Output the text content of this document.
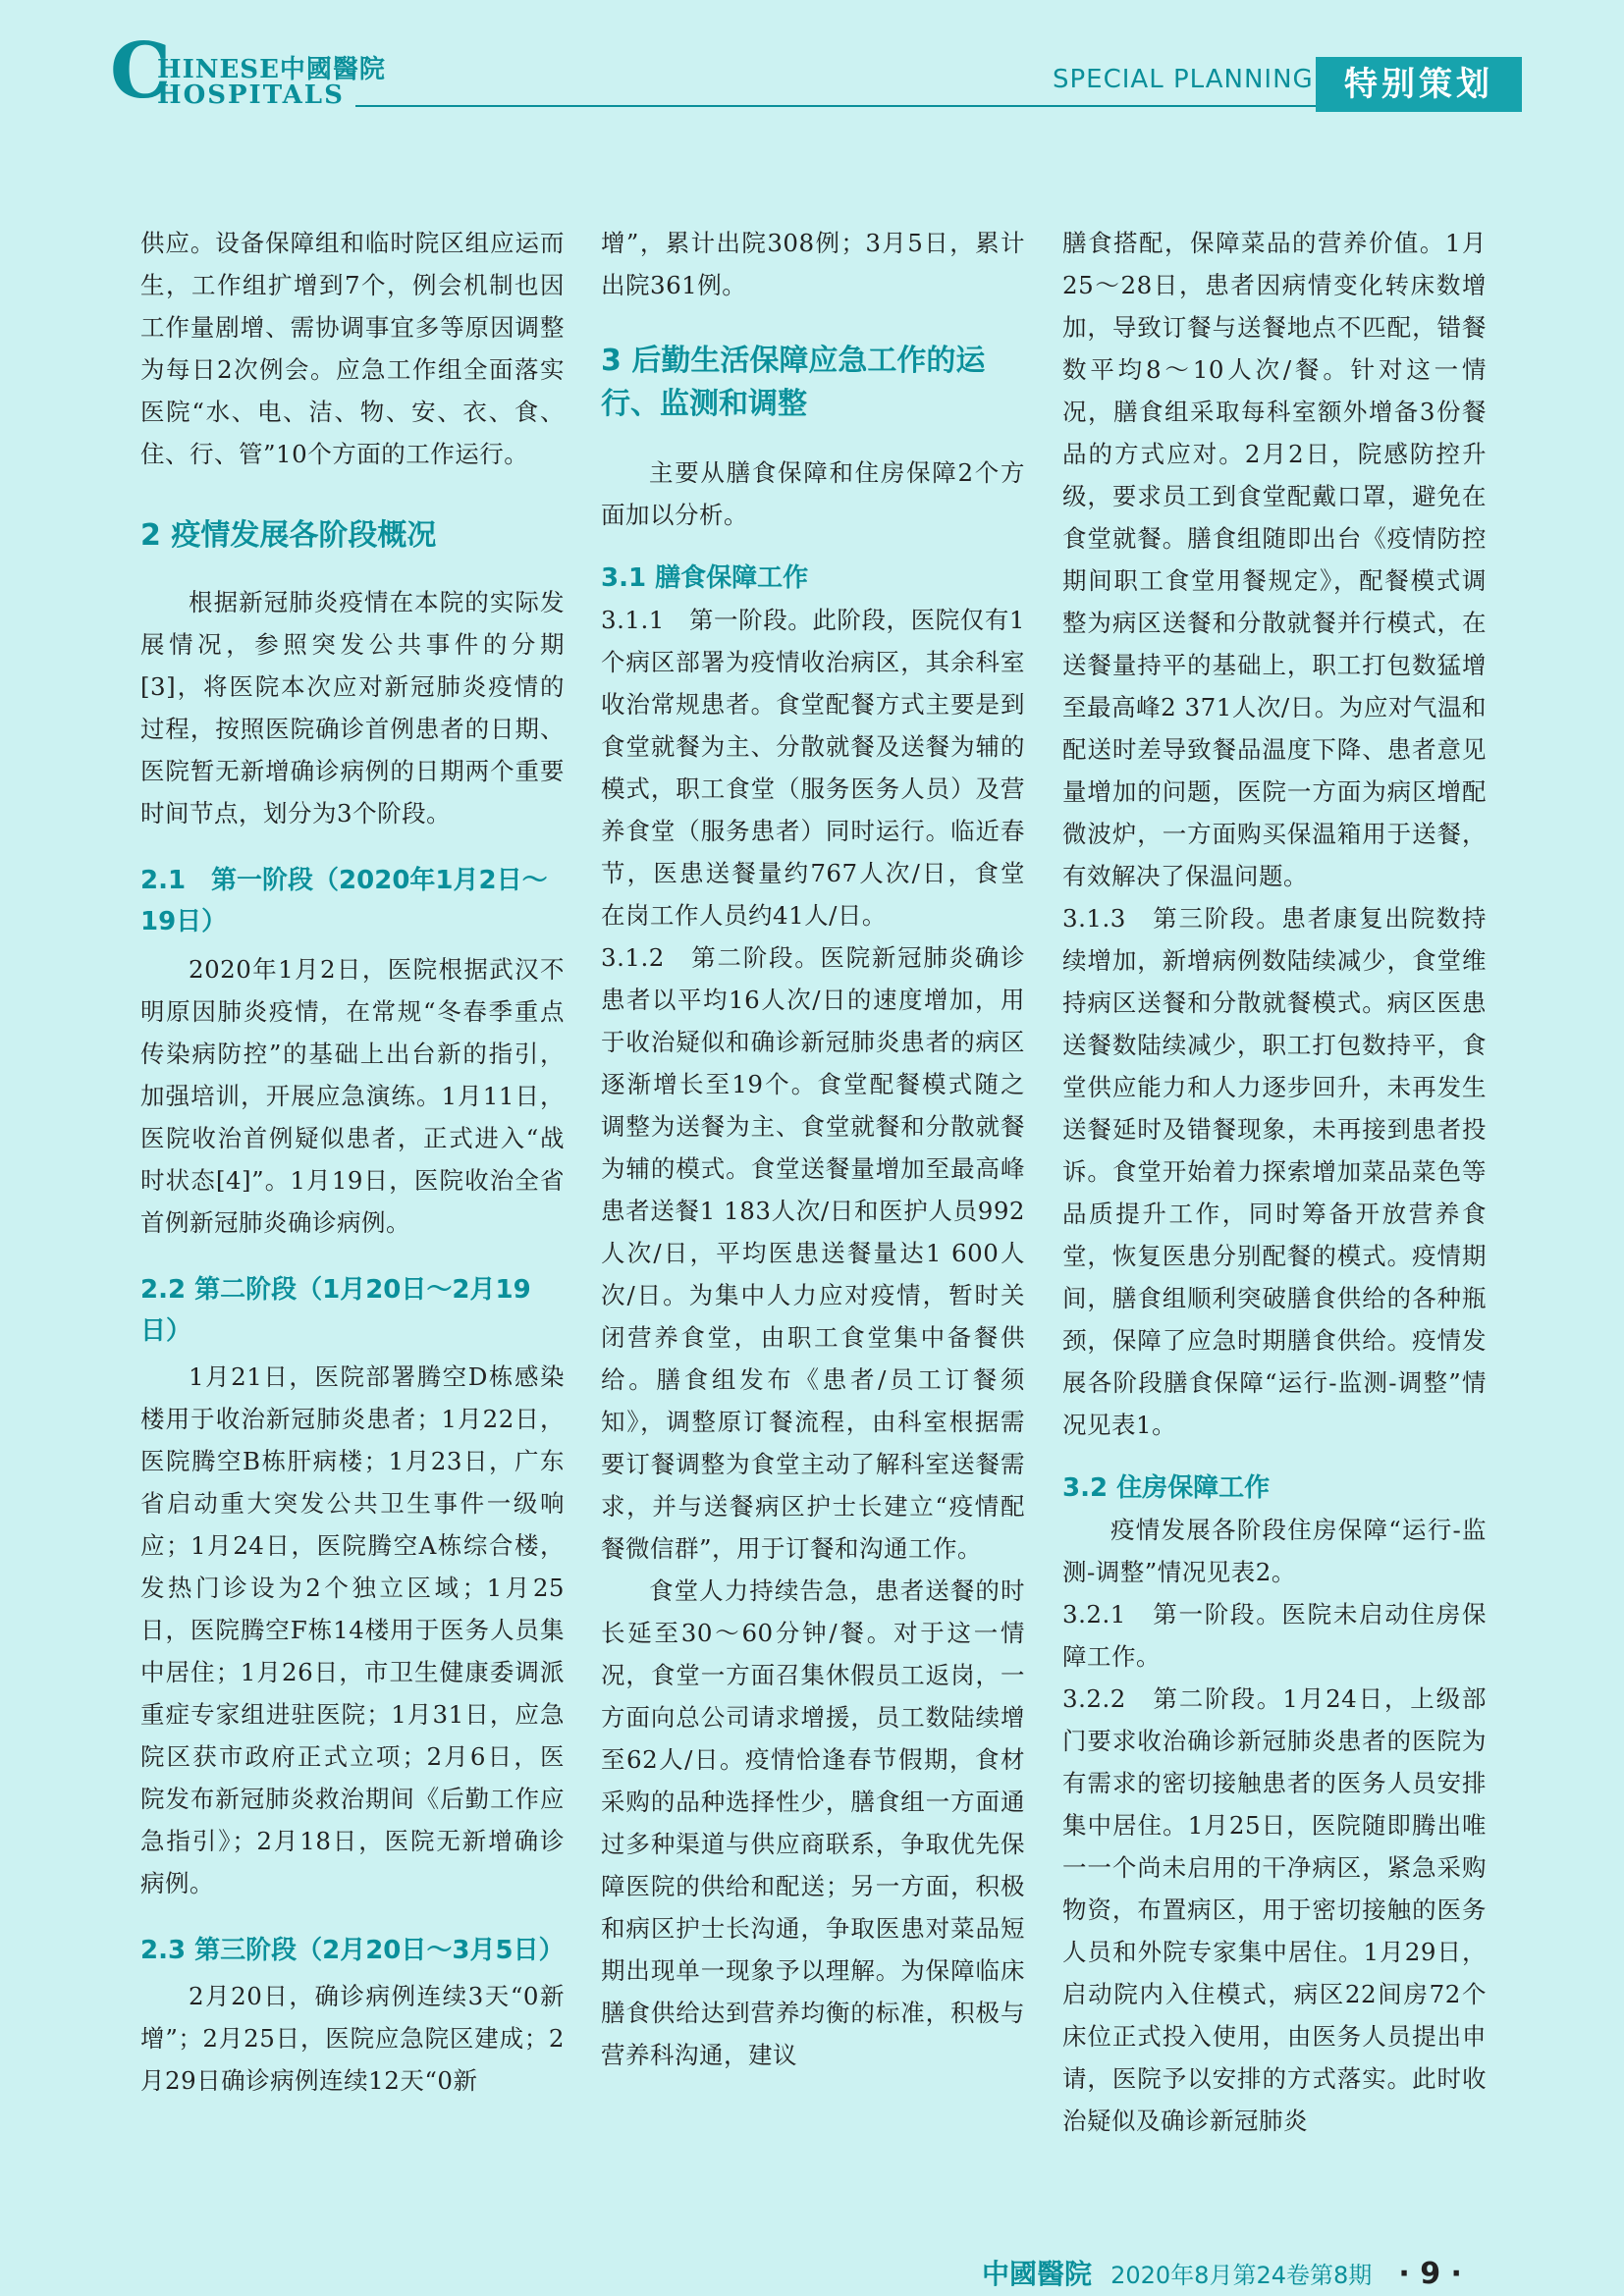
C
HINESE中國醫院
HOSPITALS
SPECIAL PLANNING 特别策划

供应。设备保障组和临时院区组应运而生，工作组扩增到7个，例会机制也因工作量剧增、需协调事宜多等原因调整为每日2次例会。应急工作组全面落实医院“水、电、洁、物、安、衣、食、住、行、管”10个方面的工作运行。

2 疫情发展各阶段概况

根据新冠肺炎疫情在本院的实际发展情况，参照突发公共事件的分期[3]，将医院本次应对新冠肺炎疫情的过程，按照医院确诊首例患者的日期、医院暂无新增确诊病例的日期两个重要时间节点，划分为3个阶段。

2.1　第一阶段（2020年1月2日～19日）

2020年1月2日，医院根据武汉不明原因肺炎疫情，在常规“冬春季重点传染病防控”的基础上出台新的指引，加强培训，开展应急演练。1月11日，医院收治首例疑似患者，正式进入“战时状态[4]”。1月19日，医院收治全省首例新冠肺炎确诊病例。

2.2 第二阶段（1月20日～2月19日）

1月21日，医院部署腾空D栋感染楼用于收治新冠肺炎患者；1月22日，医院腾空B栋肝病楼；1月23日，广东省启动重大突发公共卫生事件一级响应；1月24日，医院腾空A栋综合楼，发热门诊设为2个独立区域；1月25日，医院腾空F栋14楼用于医务人员集中居住；1月26日，市卫生健康委调派重症专家组进驻医院；1月31日，应急院区获市政府正式立项；2月6日，医院发布新冠肺炎救治期间《后勤工作应急指引》；2月18日，医院无新增确诊病例。

2.3 第三阶段（2月20日～3月5日）

2月20日，确诊病例连续3天“0新增”；2月25日，医院应急院区建成；2月29日确诊病例连续12天“0新

增”，累计出院308例；3月5日，累计出院361例。

3 后勤生活保障应急工作的运行、监测和调整

主要从膳食保障和住房保障2个方面加以分析。

3.1 膳食保障工作

3.1.1　第一阶段。此阶段，医院仅有1个病区部署为疫情收治病区，其余科室收治常规患者。食堂配餐方式主要是到食堂就餐为主、分散就餐及送餐为辅的模式，职工食堂（服务医务人员）及营养食堂（服务患者）同时运行。临近春节，医患送餐量约767人次/日，食堂在岗工作人员约41人/日。

3.1.2　第二阶段。医院新冠肺炎确诊患者以平均16人次/日的速度增加，用于收治疑似和确诊新冠肺炎患者的病区逐渐增长至19个。食堂配餐模式随之调整为送餐为主、食堂就餐和分散就餐为辅的模式。食堂送餐量增加至最高峰患者送餐1 183人次/日和医护人员992人次/日，平均医患送餐量达1 600人次/日。为集中人力应对疫情，暂时关闭营养食堂，由职工食堂集中备餐供给。膳食组发布《患者/员工订餐须知》，调整原订餐流程，由科室根据需要订餐调整为食堂主动了解科室送餐需求，并与送餐病区护士长建立“疫情配餐微信群”，用于订餐和沟通工作。

食堂人力持续告急，患者送餐的时长延至30～60分钟/餐。对于这一情况，食堂一方面召集休假员工返岗，一方面向总公司请求增援，员工数陆续增至62人/日。疫情恰逢春节假期，食材采购的品种选择性少，膳食组一方面通过多种渠道与供应商联系，争取优先保障医院的供给和配送；另一方面，积极和病区护士长沟通，争取医患对菜品短期出现单一现象予以理解。为保障临床膳食供给达到营养均衡的标准，积极与营养科沟通，建议

膳食搭配，保障菜品的营养价值。1月25～28日，患者因病情变化转床数增加，导致订餐与送餐地点不匹配，错餐数平均8～10人次/餐。针对这一情况，膳食组采取每科室额外增备3份餐品的方式应对。2月2日，院感防控升级，要求员工到食堂配戴口罩，避免在食堂就餐。膳食组随即出台《疫情防控期间职工食堂用餐规定》，配餐模式调整为病区送餐和分散就餐并行模式，在送餐量持平的基础上，职工打包数猛增至最高峰2 371人次/日。为应对气温和配送时差导致餐品温度下降、患者意见量增加的问题，医院一方面为病区增配微波炉，一方面购买保温箱用于送餐，有效解决了保温问题。

3.1.3　第三阶段。患者康复出院数持续增加，新增病例数陆续减少，食堂维持病区送餐和分散就餐模式。病区医患送餐数陆续减少，职工打包数持平，食堂供应能力和人力逐步回升，未再发生送餐延时及错餐现象，未再接到患者投诉。食堂开始着力探索增加菜品菜色等品质提升工作，同时筹备开放营养食堂，恢复医患分别配餐的模式。疫情期间，膳食组顺利突破膳食供给的各种瓶颈，保障了应急时期膳食供给。疫情发展各阶段膳食保障“运行-监测-调整”情况见表1。

3.2 住房保障工作

疫情发展各阶段住房保障“运行-监测-调整”情况见表2。

3.2.1　第一阶段。医院未启动住房保障工作。

3.2.2　第二阶段。1月24日，上级部门要求收治确诊新冠肺炎患者的医院为有需求的密切接触患者的医务人员安排集中居住。1月25日，医院随即腾出唯一一个尚未启用的干净病区，紧急采购物资，布置病区，用于密切接触的医务人员和外院专家集中居住。1月29日，启动院内入住模式，病区22间房72个床位正式投入使用，由医务人员提出申请，医院予以安排的方式落实。此时收治疑似及确诊新冠肺炎

中國醫院 2020年8月第24卷第8期 · 9 ·
